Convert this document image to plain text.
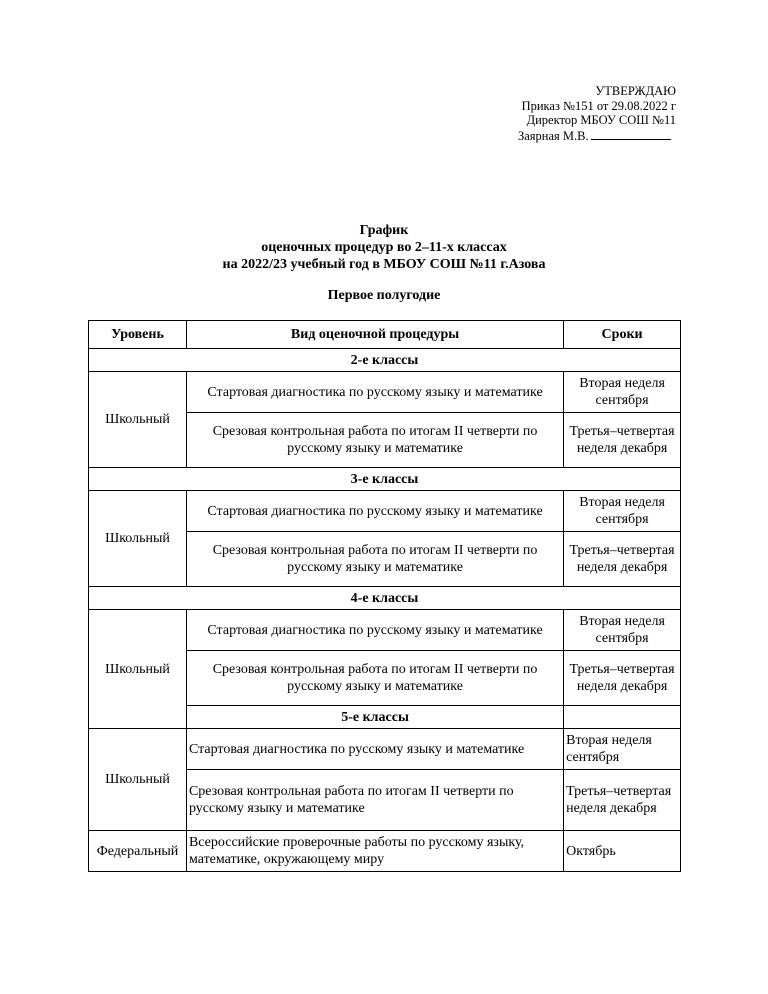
УТВЕРЖДАЮ
Приказ №151 от 29.08.2022 г
Директор МБОУ СОШ №11
Заярная М.В.
График
оценочных процедур во 2–11-х классах
на 2022/23 учебный год в МБОУ СОШ №11 г.Азова
Первое полугодие
Уровень	Вид оценочной процедуры	Сроки
2-е классы		
Школьный	Стартовая диагностика по русскому языку и математике	Вторая неделя сентября
	Срезовая контрольная работа по итогам II четверти по русскому языку и математике	Третья–четвертая неделя декабря
3-е классы		
Школьный	Стартовая диагностика по русскому языку и математике	Вторая неделя сентября
	Срезовая контрольная работа по итогам II четверти по русскому языку и математике	Третья–четвертая неделя декабря
4-е классы		
Школьный	Стартовая диагностика по русскому языку и математике	Вторая неделя сентября
	Срезовая контрольная работа по итогам II четверти по русскому языку и математике	Третья–четвертая неделя декабря
	5-е классы	
Школьный	Стартовая диагностика по русскому языку и математике	Вторая неделя сентября
	Срезовая контрольная работа по итогам II четверти по русскому языку и математике	Третья–четвертая неделя декабря
Федеральный	Всероссийские проверочные работы по русскому языку, математике, окружающему миру	Октябрь
